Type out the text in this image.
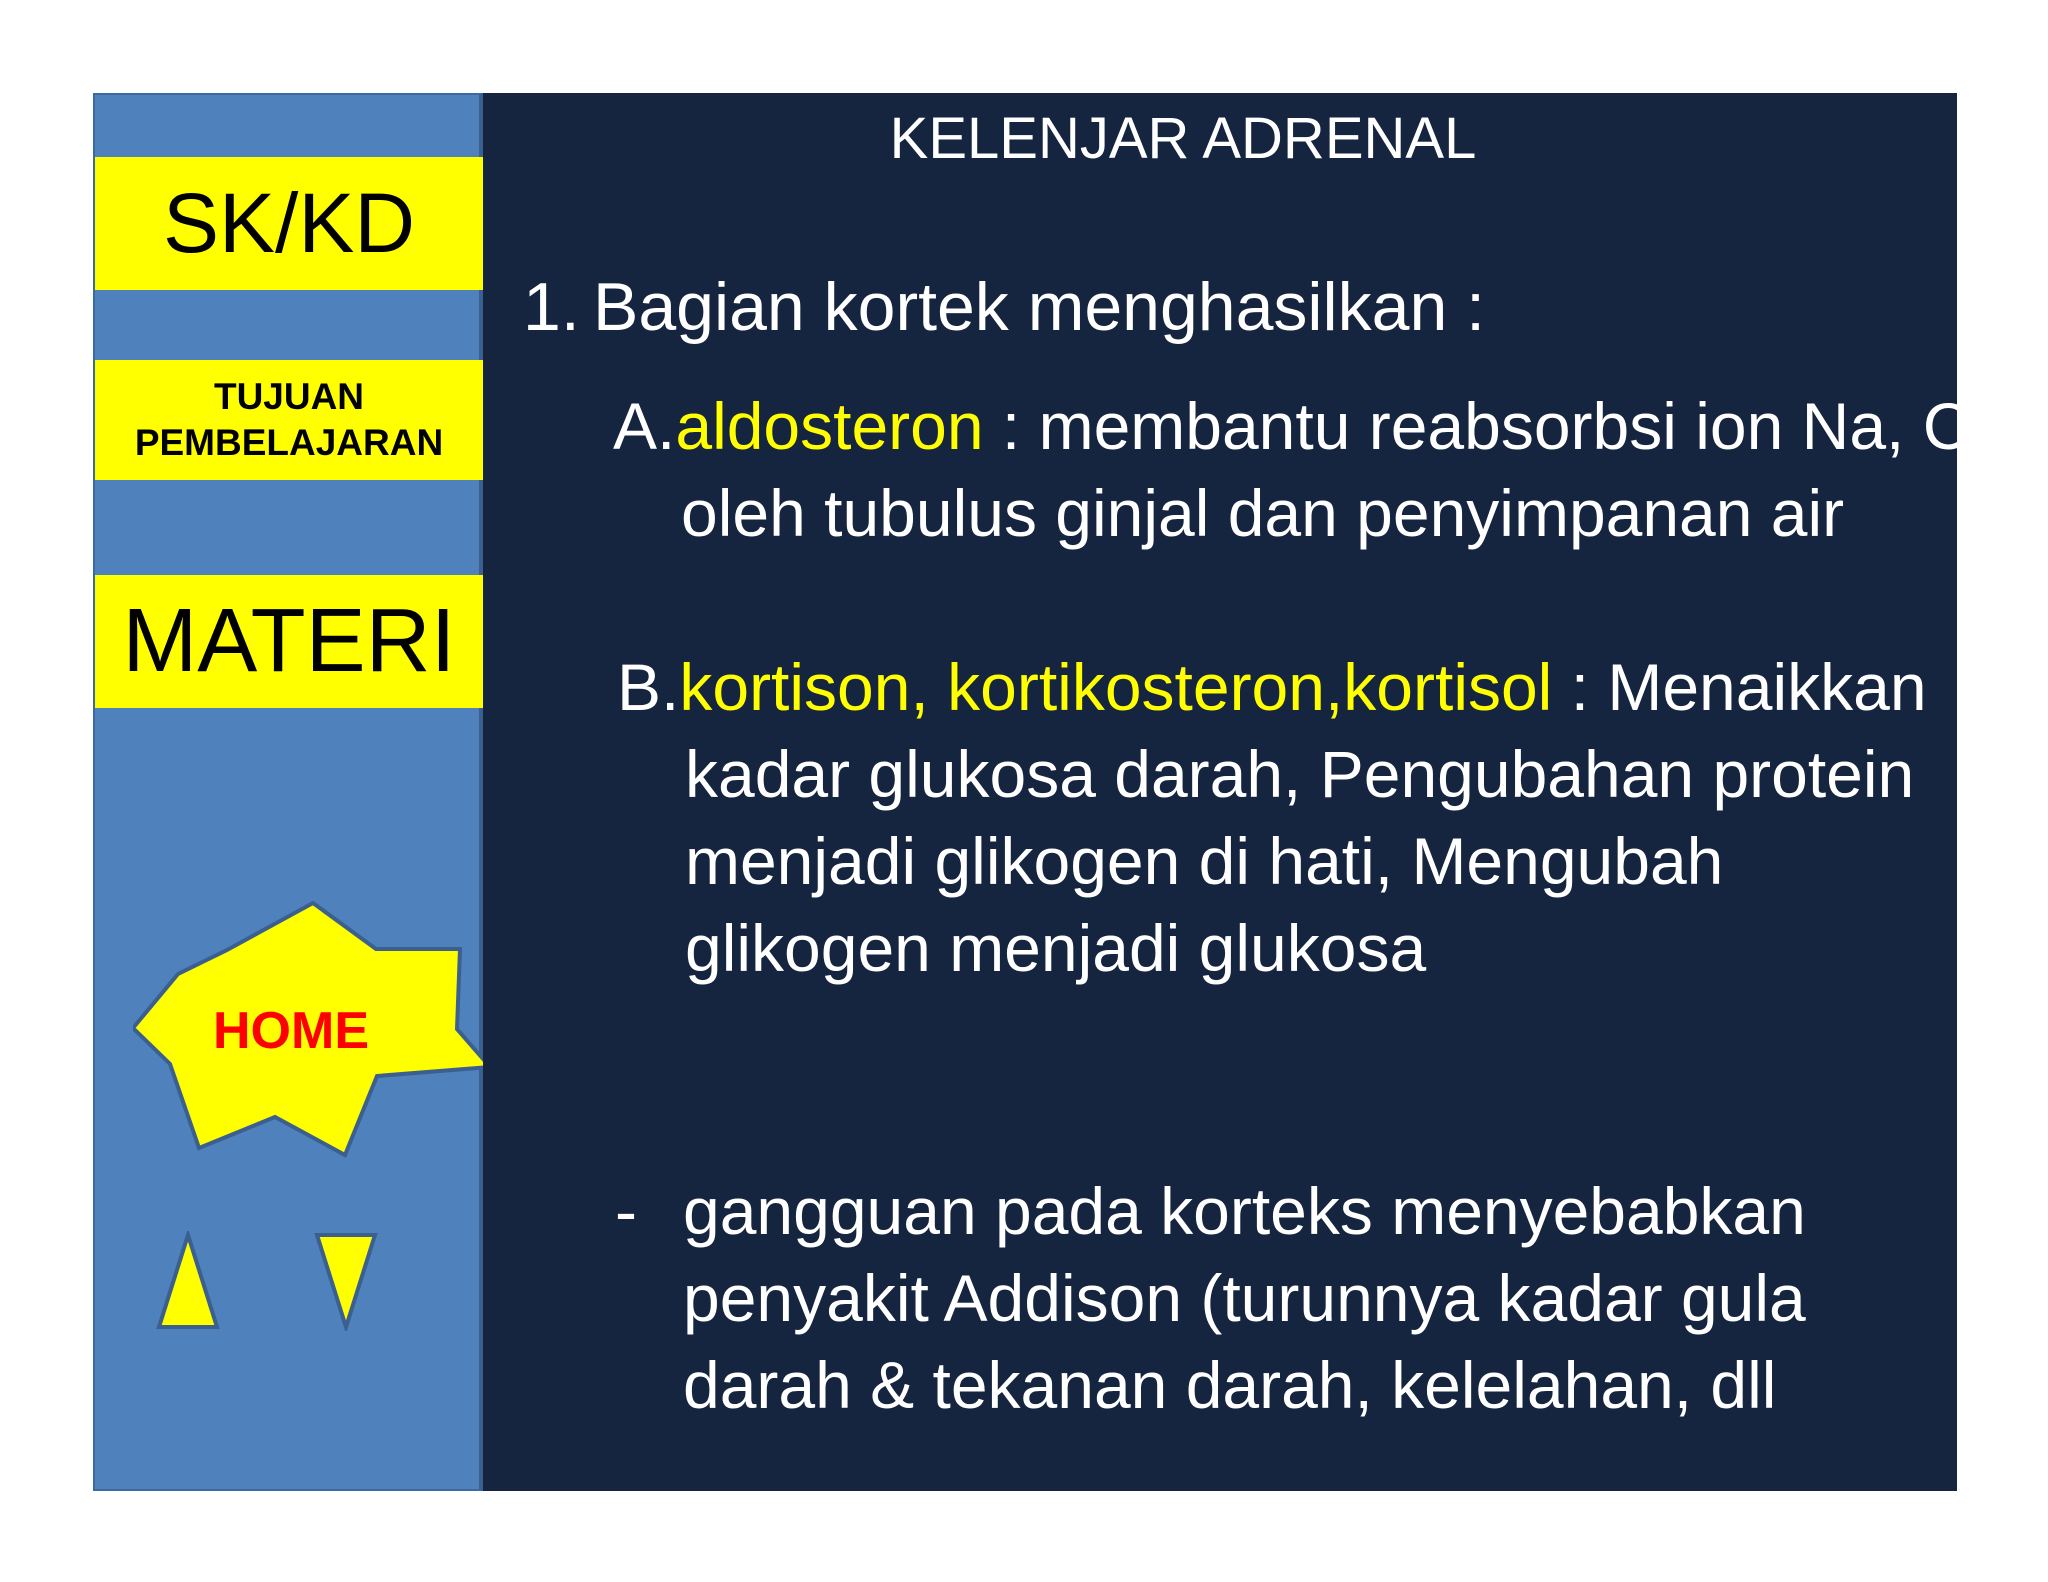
SK/KD
TUJUAN PEMBELAJARAN
MATERI
HOME
KELENJAR ADRENAL
1. Bagian kortek menghasilkan :
A.aldosteron : membantu reabsorbsi ion Na, Cl oleh tubulus ginjal dan penyimpanan air
B.kortison, kortikosteron,kortisol : Menaikkan kadar glukosa darah, Pengubahan protein menjadi glikogen di hati, Mengubah glikogen menjadi glukosa
- gangguan pada korteks menyebabkan penyakit Addison (turunnya kadar gula darah & tekanan darah, kelelahan, dll
